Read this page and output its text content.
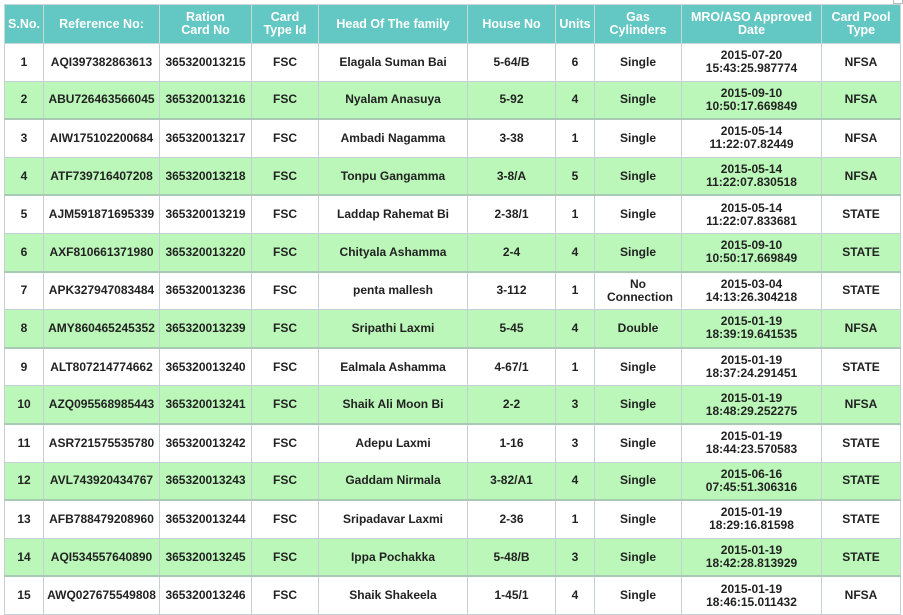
S.No.	Reference No:	Ration Card No	Card Type Id	Head Of The family	House No	Units	Gas Cylinders	MRO/ASO Approved Date	Card Pool Type
1	AQI397382863613	365320013215	FSC	Elagala Suman Bai	5-64/B	6	Single	2015-07-20 15:43:25.987774	NFSA
2	ABU726463566045	365320013216	FSC	Nyalam Anasuya	5-92	4	Single	2015-09-10 10:50:17.669849	NFSA
3	AIW175102200684	365320013217	FSC	Ambadi Nagamma	3-38	1	Single	2015-05-14 11:22:07.82449	NFSA
4	ATF739716407208	365320013218	FSC	Tonpu Gangamma	3-8/A	5	Single	2015-05-14 11:22:07.830518	NFSA
5	AJM591871695339	365320013219	FSC	Laddap Rahemat Bi	2-38/1	1	Single	2015-05-14 11:22:07.833681	STATE
6	AXF810661371980	365320013220	FSC	Chityala Ashamma	2-4	4	Single	2015-09-10 10:50:17.669849	STATE
7	APK327947083484	365320013236	FSC	penta mallesh	3-112	1	No Connection	2015-03-04 14:13:26.304218	STATE
8	AMY860465245352	365320013239	FSC	Sripathi Laxmi	5-45	4	Double	2015-01-19 18:39:19.641535	NFSA
9	ALT807214774662	365320013240	FSC	Ealmala Ashamma	4-67/1	1	Single	2015-01-19 18:37:24.291451	STATE
10	AZQ095568985443	365320013241	FSC	Shaik Ali Moon Bi	2-2	3	Single	2015-01-19 18:48:29.252275	NFSA
11	ASR721575535780	365320013242	FSC	Adepu Laxmi	1-16	3	Single	2015-01-19 18:44:23.570583	STATE
12	AVL743920434767	365320013243	FSC	Gaddam Nirmala	3-82/A1	4	Single	2015-06-16 07:45:51.306316	STATE
13	AFB788479208960	365320013244	FSC	Sripadavar Laxmi	2-36	1	Single	2015-01-19 18:29:16.81598	STATE
14	AQI534557640890	365320013245	FSC	Ippa Pochakka	5-48/B	3	Single	2015-01-19 18:42:28.813929	STATE
15	AWQ027675549808	365320013246	FSC	Shaik Shakeela	1-45/1	4	Single	2015-01-19 18:46:15.011432	NFSA
